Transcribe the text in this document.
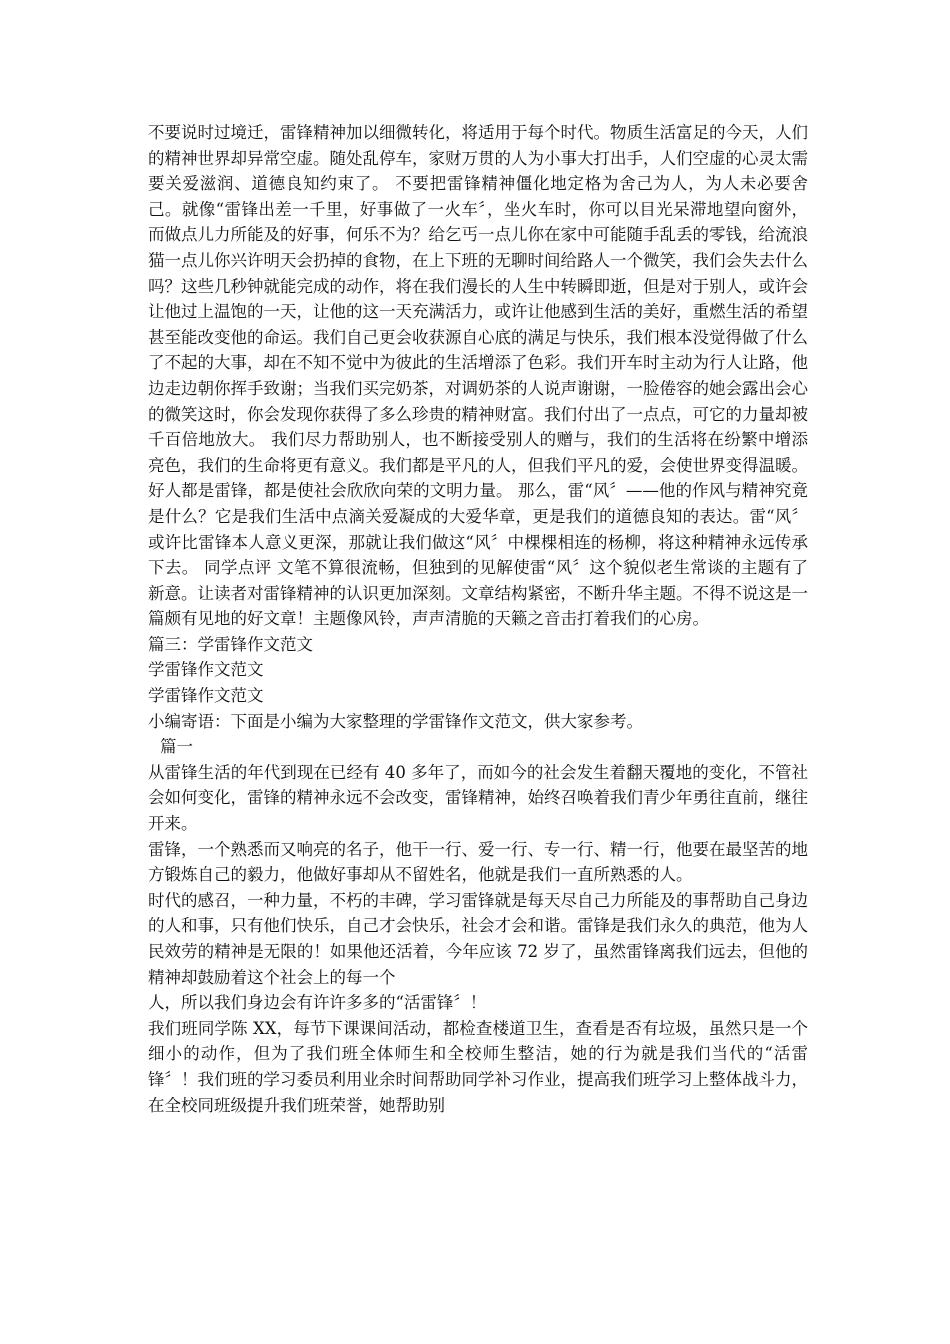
不要说时过境迁，雷锋精神加以细微转化，将适用于每个时代。物质生活富足的今天，人们的精神世界却异常空虚。随处乱停车，家财万贯的人为小事大打出手，人们空虚的心灵太需要关爱滋润、道德良知约束了。 不要把雷锋精神僵化地定格为舍己为人，为人未必要舍己。就像“雷锋出差一千里，好事做了一火车〞，坐火车时，你可以目光呆滞地望向窗外，而做点儿力所能及的好事，何乐不为？给乞丐一点儿你在家中可能随手乱丢的零钱，给流浪猫一点儿你兴许明天会扔掉的食物，在上下班的无聊时间给路人一个微笑，我们会失去什么吗？这些几秒钟就能完成的动作，将在我们漫长的人生中转瞬即逝，但是对于别人，或许会让他过上温饱的一天，让他的这一天充满活力，或许让他感到生活的美好，重燃生活的希望甚至能改变他的命运。我们自己更会收获源自心底的满足与快乐，我们根本没觉得做了什么了不起的大事，却在不知不觉中为彼此的生活增添了色彩。我们开车时主动为行人让路，他边走边朝你挥手致谢；当我们买完奶茶，对调奶茶的人说声谢谢，一脸倦容的她会露出会心的微笑这时，你会发现你获得了多么珍贵的精神财富。我们付出了一点点，可它的力量却被千百倍地放大。 我们尽力帮助别人，也不断接受别人的赠与，我们的生活将在纷繁中增添亮色，我们的生命将更有意义。我们都是平凡的人，但我们平凡的爱，会使世界变得温暖。好人都是雷锋，都是使社会欣欣向荣的文明力量。 那么，雷“风〞——他的作风与精神究竟是什么？它是我们生活中点滴关爱凝成的大爱华章，更是我们的道德良知的表达。雷“风〞或许比雷锋本人意义更深，那就让我们做这“风〞中棵棵相连的杨柳，将这种精神永远传承下去。 同学点评 文笔不算很流畅，但独到的见解使雷“风〞这个貌似老生常谈的主题有了新意。让读者对雷锋精神的认识更加深刻。文章结构紧密，不断升华主题。不得不说这是一篇颇有见地的好文章！主题像风铃，声声清脆的天籁之音击打着我们的心房。

篇三：学雷锋作文范文

学雷锋作文范文

学雷锋作文范文

小编寄语：下面是小编为大家整理的学雷锋作文范文，供大家参考。

篇一

从雷锋生活的年代到现在已经有 40 多年了，而如今的社会发生着翻天覆地的变化，不管社会如何变化，雷锋的精神永远不会改变，雷锋精神，始终召唤着我们青少年勇往直前，继往开来。

雷锋，一个熟悉而又响亮的名子，他干一行、爱一行、专一行、精一行，他要在最坚苦的地方锻炼自己的毅力，他做好事却从不留姓名，他就是我们一直所熟悉的人。

时代的感召，一种力量，不朽的丰碑，学习雷锋就是每天尽自己力所能及的事帮助自己身边的人和事，只有他们快乐，自己才会快乐，社会才会和谐。雷锋是我们永久的典范，他为人民效劳的精神是无限的！如果他还活着，今年应该 72 岁了，虽然雷锋离我们远去，但他的精神却鼓励着这个社会上的每一个

人，所以我们身边会有许许多多的“活雷锋〞！

我们班同学陈 XX，每节下课课间活动，都检查楼道卫生，查看是否有垃圾，虽然只是一个细小的动作，但为了我们班全体师生和全校师生整洁，她的行为就是我们当代的“活雷锋〞！我们班的学习委员利用业余时间帮助同学补习作业，提高我们班学习上整体战斗力，在全校同班级提升我们班荣誉，她帮助别
